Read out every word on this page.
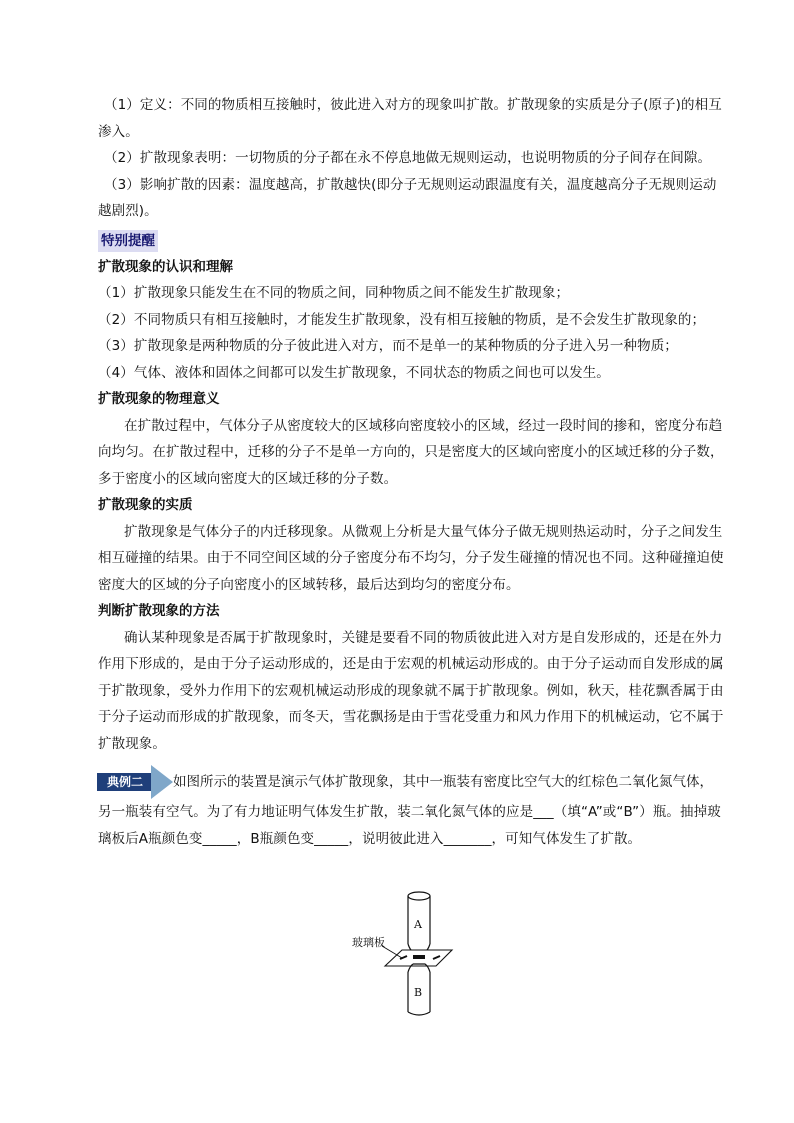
（1）定义：不同的物质相互接触时，彼此进入对方的现象叫扩散。扩散现象的实质是分子(原子)的相互渗入。

（2）扩散现象表明：一切物质的分子都在永不停息地做无规则运动，也说明物质的分子间存在间隙。

（3）影响扩散的因素：温度越高，扩散越快(即分子无规则运动跟温度有关，温度越高分子无规则运动越剧烈)。

特别提醒

扩散现象的认识和理解

（1）扩散现象只能发生在不同的物质之间，同种物质之间不能发生扩散现象；

（2）不同物质只有相互接触时，才能发生扩散现象，没有相互接触的物质，是不会发生扩散现象的；

（3）扩散现象是两种物质的分子彼此进入对方，而不是单一的某种物质的分子进入另一种物质；

（4）气体、液体和固体之间都可以发生扩散现象，不同状态的物质之间也可以发生。

扩散现象的物理意义

在扩散过程中，气体分子从密度较大的区域移向密度较小的区域，经过一段时间的掺和，密度分布趋向均匀。在扩散过程中，迁移的分子不是单一方向的，只是密度大的区域向密度小的区域迁移的分子数，多于密度小的区域向密度大的区域迁移的分子数。

扩散现象的实质

扩散现象是气体分子的内迁移现象。从微观上分析是大量气体分子做无规则热运动时，分子之间发生相互碰撞的结果。由于不同空间区域的分子密度分布不均匀，分子发生碰撞的情况也不同。这种碰撞迫使密度大的区域的分子向密度小的区域转移，最后达到均匀的密度分布。

判断扩散现象的方法

确认某种现象是否属于扩散现象时，关键是要看不同的物质彼此进入对方是自发形成的，还是在外力作用下形成的，是由于分子运动形成的，还是由于宏观的机械运动形成的。由于分子运动而自发形成的属于扩散现象，受外力作用下的宏观机械运动形成的现象就不属于扩散现象。例如，秋天，桂花飘香属于由于分子运动而形成的扩散现象，而冬天，雪花飘扬是由于雪花受重力和风力作用下的机械运动，它不属于扩散现象。

典例二	如图所示的装置是演示气体扩散现象，其中一瓶装有密度比空气大的红棕色二氧化氮气体，

另一瓶装有空气。为了有力地证明气体发生扩散，装二氧化氮气体的应是___（填“A”或“B”）瓶。抽掉玻璃板后A瓶颜色变_____，B瓶颜色变_____，说明彼此进入_______，可知气体发生了扩散。

玻璃板
A
B
